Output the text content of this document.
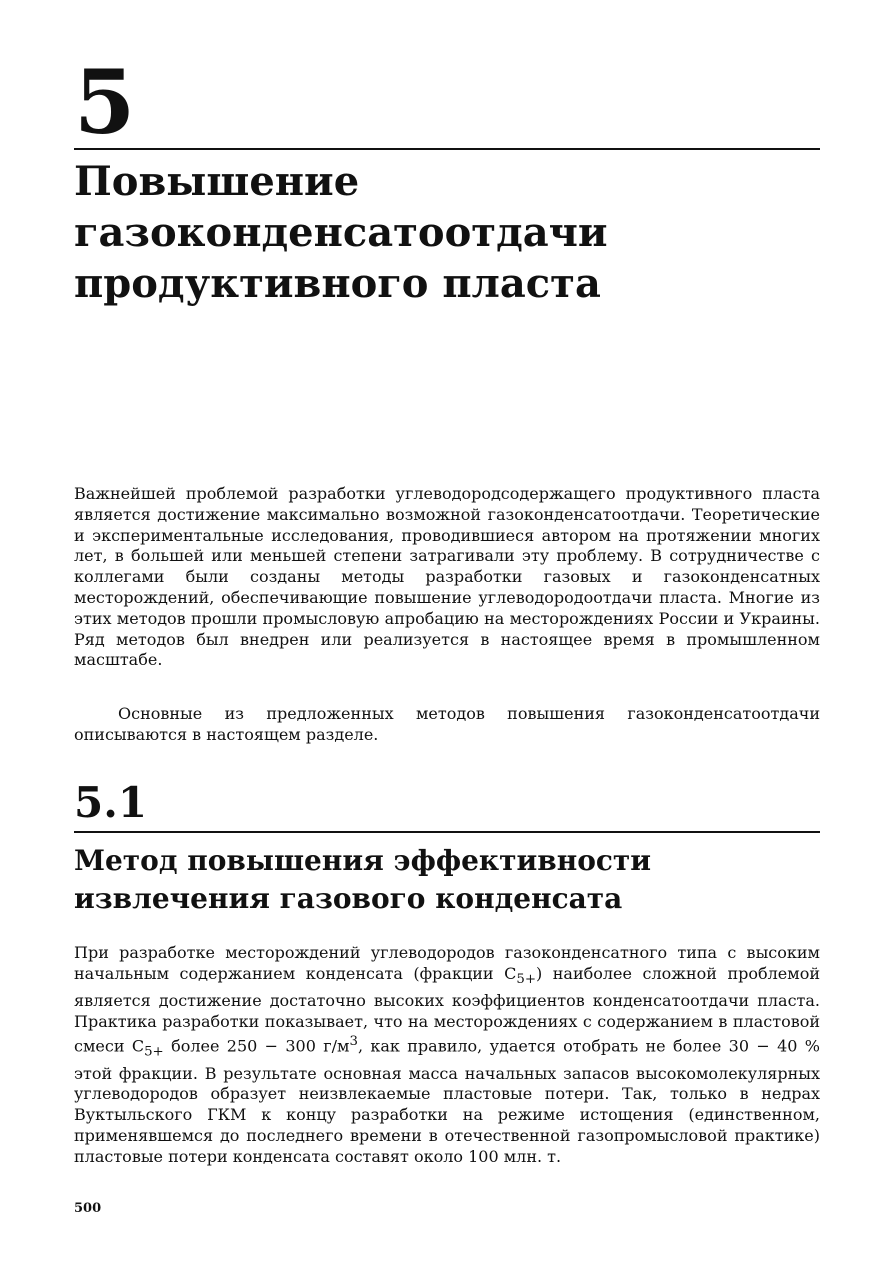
5
Повышение
газоконденсатоотдачи
продуктивного пласта

Важнейшей проблемой разработки углеводородсодержащего продуктивного пласта является достижение максимально возможной газоконденсатоотдачи. Теоретические и экспериментальные исследования, проводившиеся автором на протяжении многих лет, в большей или меньшей степени затрагивали эту проблему. В сотрудничестве с коллегами были созданы методы разработки газовых и газоконденсатных месторождений, обеспечивающие повышение углеводородоотдачи пласта. Многие из этих методов прошли промысловую апробацию на месторождениях России и Украины. Ряд методов был внедрен или реализуется в настоящее время в промышленном масштабе.

Основные из предложенных методов повышения газоконденсатоотдачи описываются в настоящем разделе.

5.1
Метод повышения эффективности
извлечения газового конденсата

При разработке месторождений углеводородов газоконденсатного типа с высоким начальным содержанием конденсата (фракции $C_{5+}$) наиболее сложной проблемой является достижение достаточно высоких коэффициентов конденсатоотдачи пласта. Практика разработки показывает, что на месторождениях с содержанием в пластовой смеси $C_{5+}$ более 250 − 300 $г/м^3$, как правило, удается отобрать не более 30 − 40 % этой фракции. В результате основная масса начальных запасов высокомолекулярных углеводородов образует неизвлекаемые пластовые потери. Так, только в недрах Вуктыльского ГКМ к концу разработки на режиме истощения (единственном, применявшемся до последнего времени в отечественной газопромысловой практике) пластовые потери конденсата составят около 100 млн. т.

500
